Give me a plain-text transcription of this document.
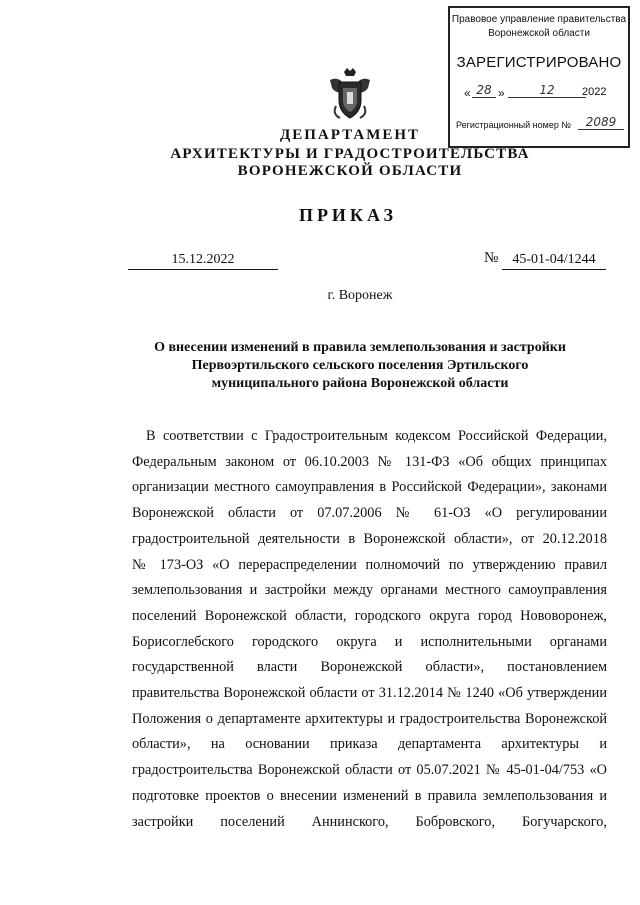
Правовое управление правительства
Воронежской области
ЗАРЕГИСТРИРОВАНО
« 28 »	12	2022
Регистрационный номер №	2089
ДЕПАРТАМЕНТ
АРХИТЕКТУРЫ И ГРАДОСТРОИТЕЛЬСТВА
ВОРОНЕЖСКОЙ ОБЛАСТИ
ПРИКАЗ
15.12.2022	№	45-01-04/1244
г. Воронеж
О внесении изменений в правила землепользования и застройки
Первоэртильского сельского поселения Эртильского
муниципального района Воронежской области
В соответствии с Градостроительным кодексом Российской Федерации,
Федеральным законом от 06.10.2003 № 131-ФЗ «Об общих принципах
организации местного самоуправления в Российской Федерации», законами
Воронежской области от 07.07.2006 № 61-ОЗ «О регулировании
градостроительной деятельности в Воронежской области», от 20.12.2018
№ 173-ОЗ «О перераспределении полномочий по утверждению правил
землепользования и застройки между органами местного самоуправления
поселений Воронежской области, городского округа город Нововоронеж,
Борисоглебского городского округа и исполнительными органами
государственной власти Воронежской области», постановлением
правительства Воронежской области от 31.12.2014 № 1240 «Об утверждении
Положения о департаменте архитектуры и градостроительства Воронежской
области», на основании приказа департамента архитектуры и
градостроительства Воронежской области от 05.07.2021 № 45-01-04/753 «О
подготовке проектов о внесении изменений в правила землепользования и
застройки поселений Аннинского, Бобровского, Богучарского,
